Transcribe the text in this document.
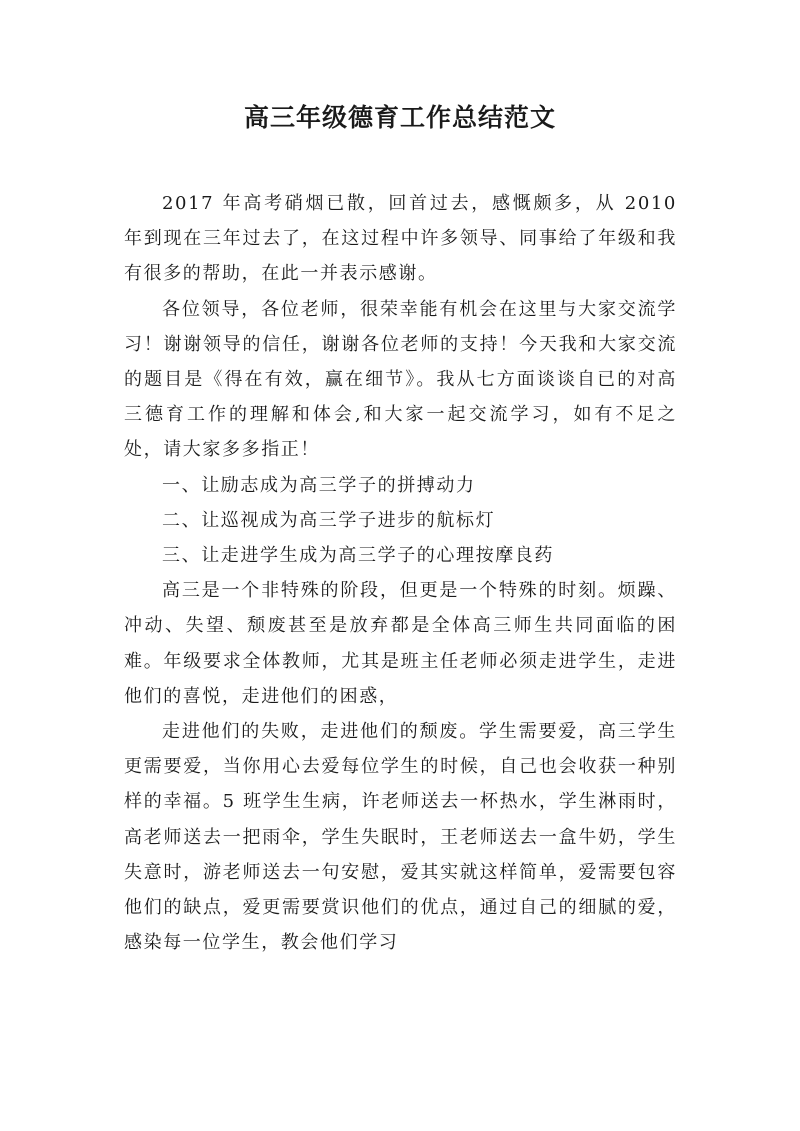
高三年级德育工作总结范文

2017 年高考硝烟已散，回首过去，感慨颇多，从 2010 年到现在三年过去了，在这过程中许多领导、同事给了年级和我有很多的帮助，在此一并表示感谢。

各位领导，各位老师，很荣幸能有机会在这里与大家交流学习！谢谢领导的信任，谢谢各位老师的支持！今天我和大家交流的题目是《得在有效，赢在细节》。我从七方面谈谈自已的对高三德育工作的理解和体会,和大家一起交流学习，如有不足之处，请大家多多指正！

一、让励志成为高三学子的拼搏动力

二、让巡视成为高三学子进步的航标灯

三、让走进学生成为高三学子的心理按摩良药

高三是一个非特殊的阶段，但更是一个特殊的时刻。烦躁、冲动、失望、颓废甚至是放弃都是全体高三师生共同面临的困难。年级要求全体教师，尤其是班主任老师必须走进学生，走进他们的喜悦，走进他们的困惑，

走进他们的失败，走进他们的颓废。学生需要爱，高三学生更需要爱，当你用心去爱每位学生的时候，自己也会收获一种别样的幸福。5 班学生生病，许老师送去一杯热水，学生淋雨时，高老师送去一把雨伞，学生失眠时，王老师送去一盒牛奶，学生失意时，游老师送去一句安慰，爱其实就这样简单，爱需要包容他们的缺点，爱更需要赏识他们的优点，通过自己的细腻的爱，感染每一位学生，教会他们学习
